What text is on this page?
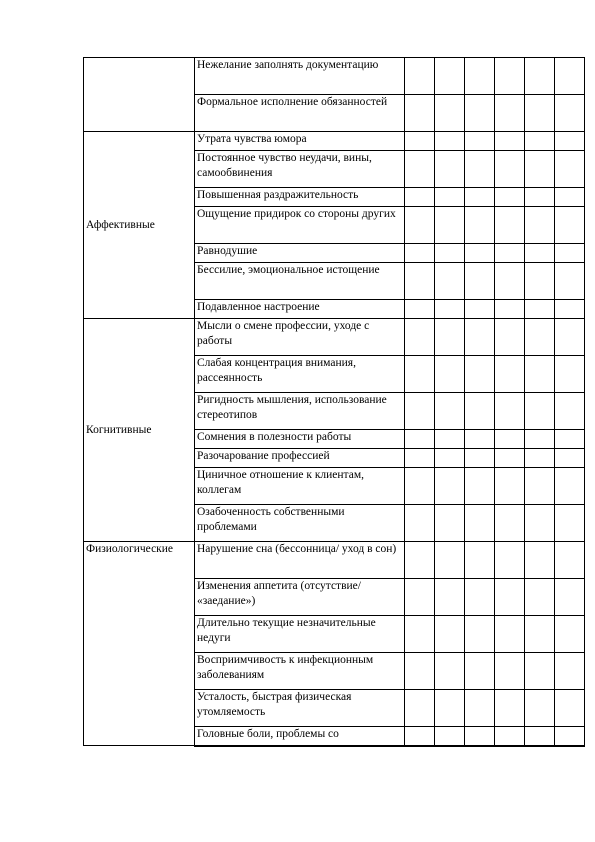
	Нежелание заполнять документацию						
	Формальное исполнение обязанностей						
Аффективные	Утрата чувства юмора						
	Постоянное чувство неудачи, вины, самообвинения						
	Повышенная раздражительность						
	Ощущение придирок со стороны других						
	Равнодушие						
	Бессилие, эмоциональное истощение						
	Подавленное настроение						
Когнитивные	Мысли о смене профессии, уходе с работы						
	Слабая концентрация внимания, рассеянность						
	Ригидность мышления, использование стереотипов						
	Сомнения в полезности работы						
	Разочарование профессией						
	Циничное отношение к клиентам, коллегам						
	Озабоченность собственными проблемами						
Физиологические	Нарушение сна (бессонница/ уход в сон)						
	Изменения аппетита (отсутствие/ «заедание»)						
	Длительно текущие незначительные недуги						
	Восприимчивость к инфекционным заболеваниям						
	Усталость, быстрая физическая утомляемость						
	Головные боли, проблемы со						
